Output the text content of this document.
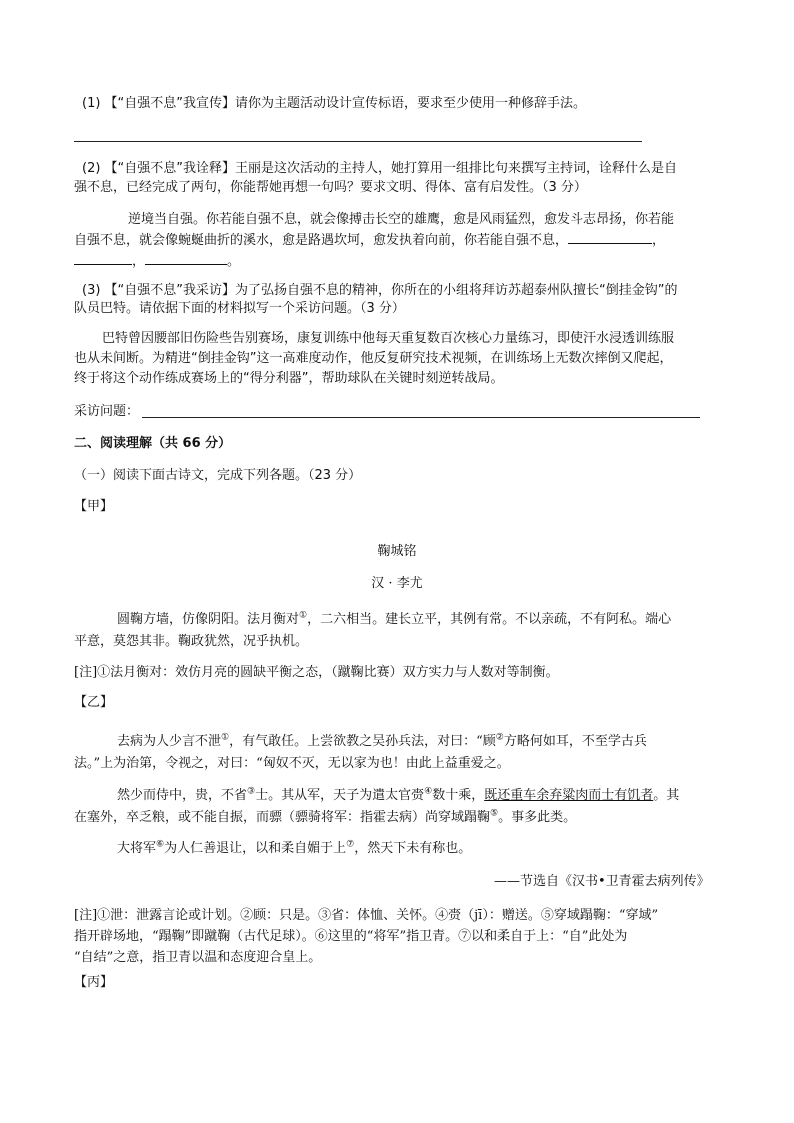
(1) 【“自强不息”我宣传】请你为主题活动设计宣传标语，要求至少使用一种修辞手法。
(2) 【“自强不息”我诠释】王丽是这次活动的主持人，她打算用一组排比句来撰写主持词，诠释什么是自
强不息，已经完成了两句，你能帮她再想一句吗？要求文明、得体、富有启发性。（3 分）
逆境当自强。你若能自强不息，就会像搏击长空的雄鹰，愈是风雨猛烈，愈发斗志昂扬，你若能
自强不息，就会像蜿蜒曲折的溪水，愈是路遇坎坷，愈发执着向前，你若能自强不息，	，
，	。
(3) 【“自强不息”我采访】为了弘扬自强不息的精神，你所在的小组将拜访苏超泰州队擅长“倒挂金钩”的
队员巴特。请依据下面的材料拟写一个采访问题。（3 分）
巴特曾因腰部旧伤险些告别赛场，康复训练中他每天重复数百次核心力量练习，即使汗水浸透训练服
也从未间断。为精进“倒挂金钩”这一高难度动作，他反复研究技术视频，在训练场上无数次摔倒又爬起，
终于将这个动作练成赛场上的“得分利器”，帮助球队在关键时刻逆转战局。
采访问题：
二、阅读理解（共 66 分）
（一）阅读下面古诗文，完成下列各题。（23 分）
【甲】
鞠城铭
汉 · 李尤
圆鞠方墙，仿像阴阳。法月衡对①，二六相当。建长立平，其例有常。不以亲疏，不有阿私。端心
平意，莫怨其非。鞠政犹然，况乎执机。
[注]①法月衡对：效仿月亮的圆缺平衡之态，（蹴鞠比赛）双方实力与人数对等制衡。
【乙】
去病为人少言不泄①，有气敢任。上尝欲教之吴孙兵法，对曰：“顾②方略何如耳，不至学古兵
法。”上为治第，令视之，对曰：“匈奴不灭，无以家为也！由此上益重爱之。
然少而侍中，贵，不省③士。其从军，天子为遣太官赍④数十乘，既还重车余弃粱肉而士有饥者。其
在塞外，卒乏粮，或不能自振，而骠（骠骑将军：指霍去病）尚穿域蹋鞠⑤。事多此类。
大将军⑥为人仁善退让，以和柔自媚于上⑦，然天下未有称也。
——节选自《汉书•卫青霍去病列传》
[注]①泄：泄露言论或计划。②顾：只是。③省：体恤、关怀。④赍（jī）：赠送。⑤穿域蹋鞠：“穿域”
指开辟场地，“蹋鞠”即蹴鞠（古代足球）。⑥这里的“将军”指卫青。⑦以和柔自于上：“自”此处为
“自结”之意，指卫青以温和态度迎合皇上。
【丙】
